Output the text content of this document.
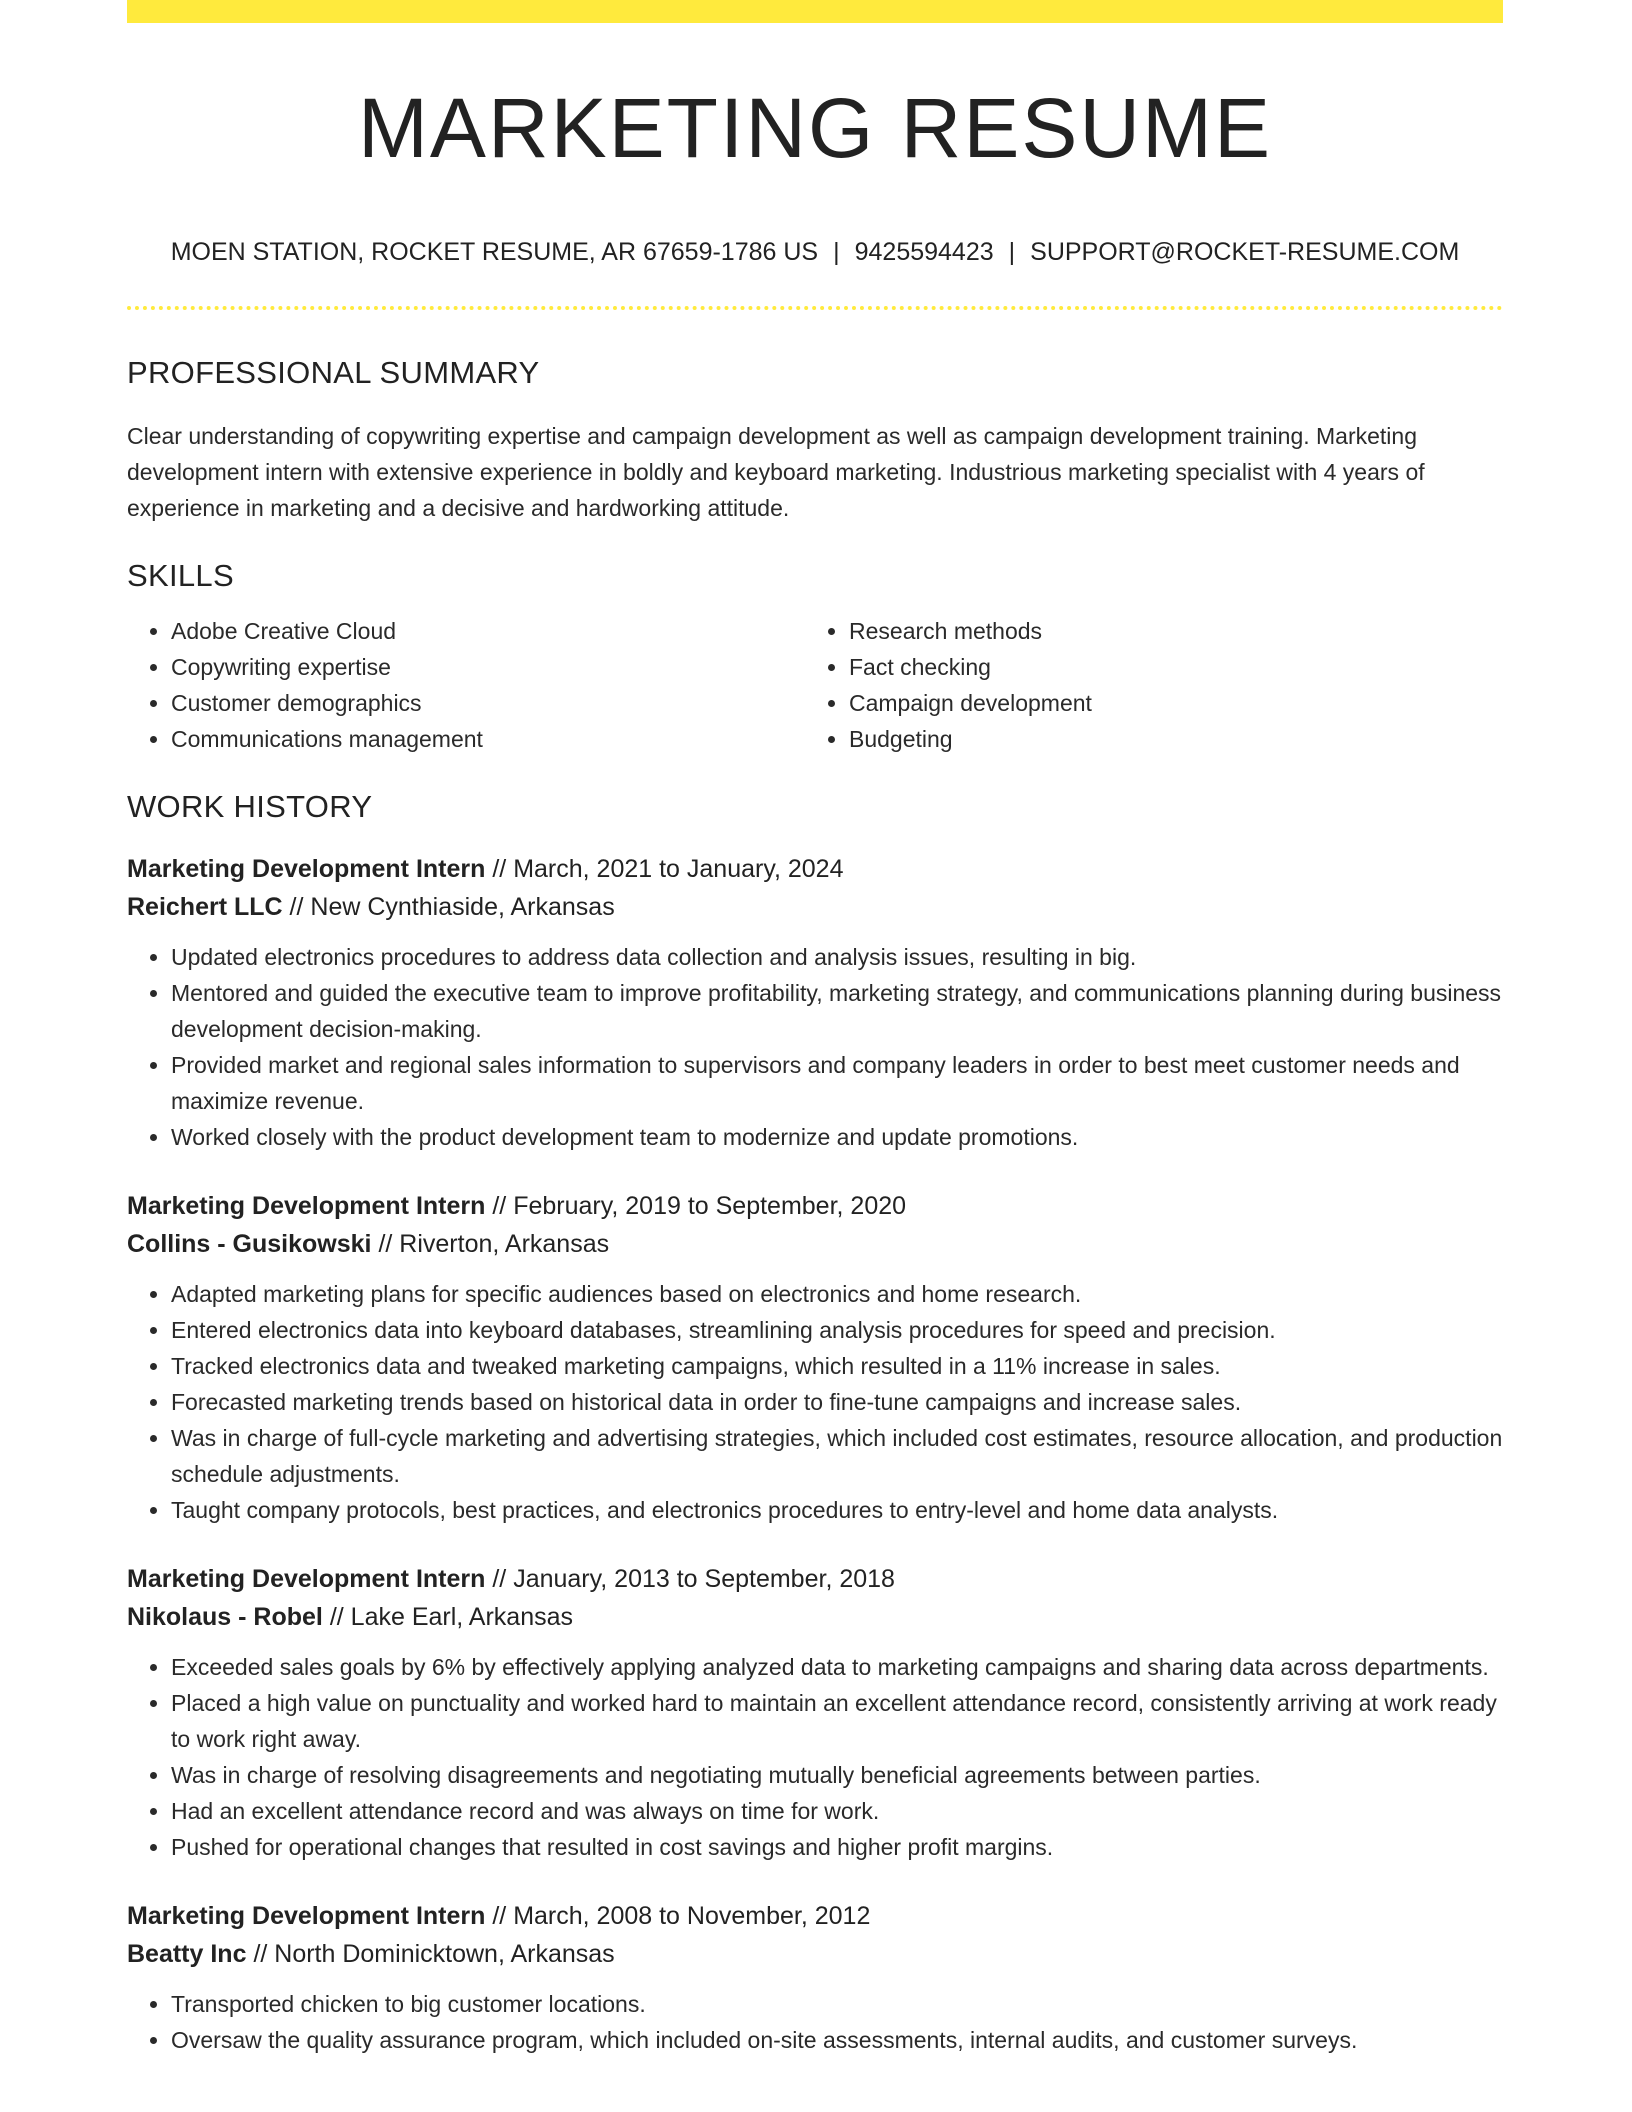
MARKETING RESUME
MOEN STATION, ROCKET RESUME, AR 67659-1786 US | 9425594423 | SUPPORT@ROCKET-RESUME.COM
PROFESSIONAL SUMMARY

Clear understanding of copywriting expertise and campaign development as well as campaign development training. Marketing development intern with extensive experience in boldly and keyboard marketing. Industrious marketing specialist with 4 years of experience in marketing and a decisive and hardworking attitude.

SKILLS
• Adobe Creative Cloud
• Copywriting expertise
• Customer demographics
• Communications management
• Research methods
• Fact checking
• Campaign development
• Budgeting
WORK HISTORY
Marketing Development Intern // March, 2021 to January, 2024
Reichert LLC // New Cynthiaside, Arkansas
• Updated electronics procedures to address data collection and analysis issues, resulting in big.
• Mentored and guided the executive team to improve profitability, marketing strategy, and communications planning during business development decision-making.
• Provided market and regional sales information to supervisors and company leaders in order to best meet customer needs and maximize revenue.
• Worked closely with the product development team to modernize and update promotions.
Marketing Development Intern // February, 2019 to September, 2020
Collins - Gusikowski // Riverton, Arkansas
• Adapted marketing plans for specific audiences based on electronics and home research.
• Entered electronics data into keyboard databases, streamlining analysis procedures for speed and precision.
• Tracked electronics data and tweaked marketing campaigns, which resulted in a 11% increase in sales.
• Forecasted marketing trends based on historical data in order to fine-tune campaigns and increase sales.
• Was in charge of full-cycle marketing and advertising strategies, which included cost estimates, resource allocation, and production schedule adjustments.
• Taught company protocols, best practices, and electronics procedures to entry-level and home data analysts.
Marketing Development Intern // January, 2013 to September, 2018
Nikolaus - Robel // Lake Earl, Arkansas
• Exceeded sales goals by 6% by effectively applying analyzed data to marketing campaigns and sharing data across departments.
• Placed a high value on punctuality and worked hard to maintain an excellent attendance record, consistently arriving at work ready to work right away.
• Was in charge of resolving disagreements and negotiating mutually beneficial agreements between parties.
• Had an excellent attendance record and was always on time for work.
• Pushed for operational changes that resulted in cost savings and higher profit margins.
Marketing Development Intern // March, 2008 to November, 2012
Beatty Inc // North Dominicktown, Arkansas
• Transported chicken to big customer locations.
• Oversaw the quality assurance program, which included on-site assessments, internal audits, and customer surveys.
